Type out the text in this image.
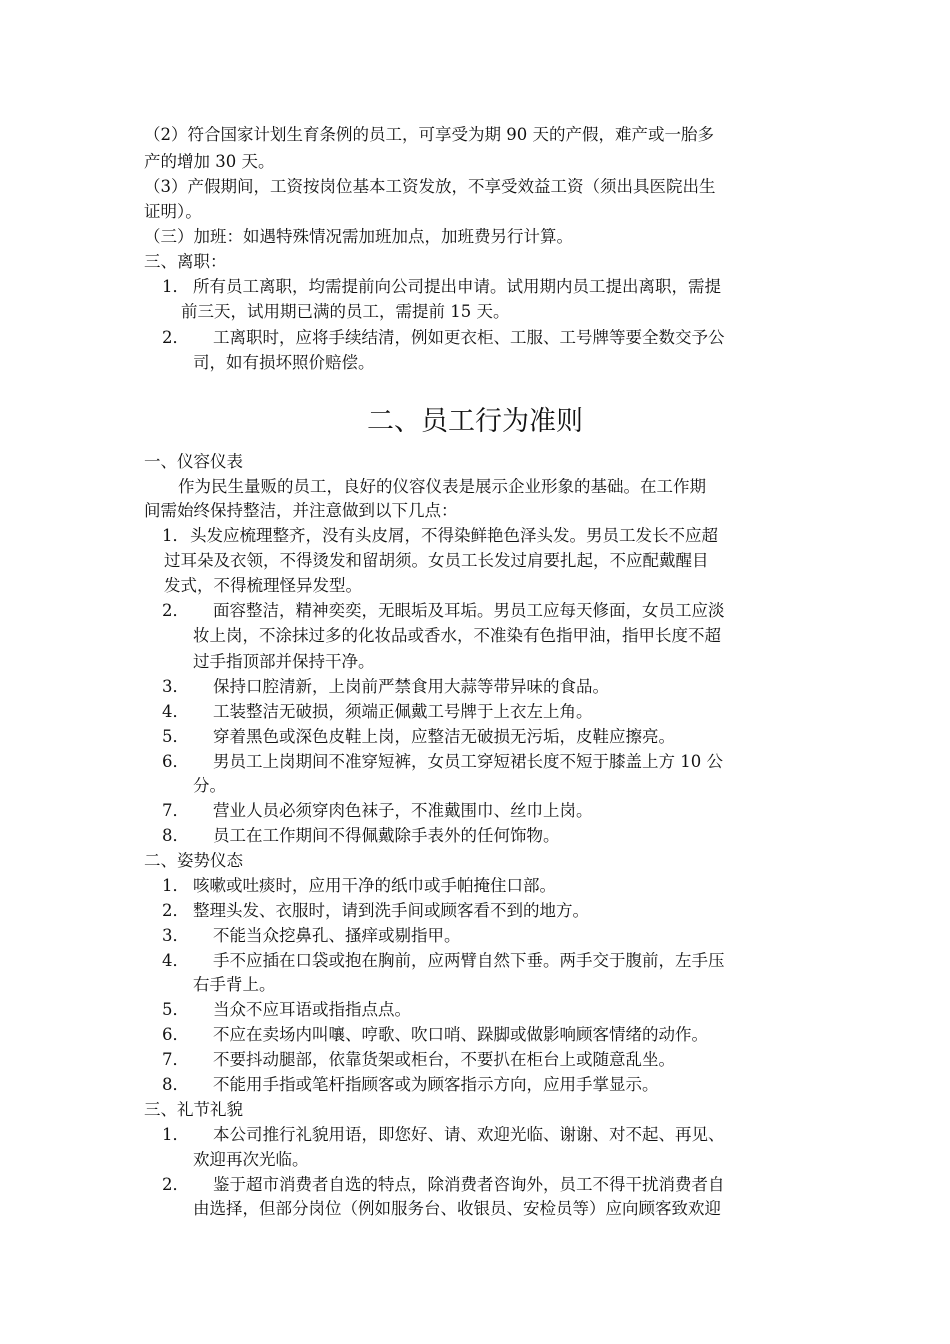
（2）符合国家计划生育条例的员工，可享受为期 90 天的产假，难产或一胎多
产的增加 30 天。
（3）产假期间，工资按岗位基本工资发放，不享受效益工资（须出具医院出生
证明）。
（三）加班：如遇特殊情况需加班加点，加班费另行计算。
三、离职：
1． 所有员工离职，均需提前向公司提出申请。试用期内员工提出离职，需提
前三天，试用期已满的员工，需提前 15 天。
2． 工离职时，应将手续结清，例如更衣柜、工服、工号牌等要全数交予公
司，如有损坏照价赔偿。
二、员工行为准则
一、仪容仪表
作为民生量贩的员工，良好的仪容仪表是展示企业形象的基础。在工作期
间需始终保持整洁，并注意做到以下几点：
1． 头发应梳理整齐，没有头皮屑，不得染鲜艳色泽头发。男员工发长不应超
过耳朵及衣领，不得烫发和留胡须。女员工长发过肩要扎起，不应配戴醒目
发式，不得梳理怪异发型。
2． 面容整洁，精神奕奕，无眼垢及耳垢。男员工应每天修面，女员工应淡
妆上岗，不涂抹过多的化妆品或香水，不准染有色指甲油，指甲长度不超
过手指顶部并保持干净。
3． 保持口腔清新，上岗前严禁食用大蒜等带异味的食品。
4． 工装整洁无破损，须端正佩戴工号牌于上衣左上角。
5． 穿着黑色或深色皮鞋上岗，应整洁无破损无污垢，皮鞋应擦亮。
6． 男员工上岗期间不准穿短裤，女员工穿短裙长度不短于膝盖上方 10 公
分。
7． 营业人员必须穿肉色袜子，不准戴围巾、丝巾上岗。
8． 员工在工作期间不得佩戴除手表外的任何饰物。
二、姿势仪态
1． 咳嗽或吐痰时，应用干净的纸巾或手帕掩住口部。
2． 整理头发、衣服时，请到洗手间或顾客看不到的地方。
3． 不能当众挖鼻孔、搔痒或剔指甲。
4． 手不应插在口袋或抱在胸前，应两臂自然下垂。两手交于腹前，左手压
右手背上。
5． 当众不应耳语或指指点点。
6． 不应在卖场内叫嚷、哼歌、吹口哨、跺脚或做影响顾客情绪的动作。
7． 不要抖动腿部，依靠货架或柜台，不要扒在柜台上或随意乱坐。
8． 不能用手指或笔杆指顾客或为顾客指示方向，应用手掌显示。
三、礼节礼貌
1． 本公司推行礼貌用语，即您好、请、欢迎光临、谢谢、对不起、再见、
欢迎再次光临。
2． 鉴于超市消费者自选的特点，除消费者咨询外，员工不得干扰消费者自
由选择，但部分岗位（例如服务台、收银员、安检员等）应向顾客致欢迎
